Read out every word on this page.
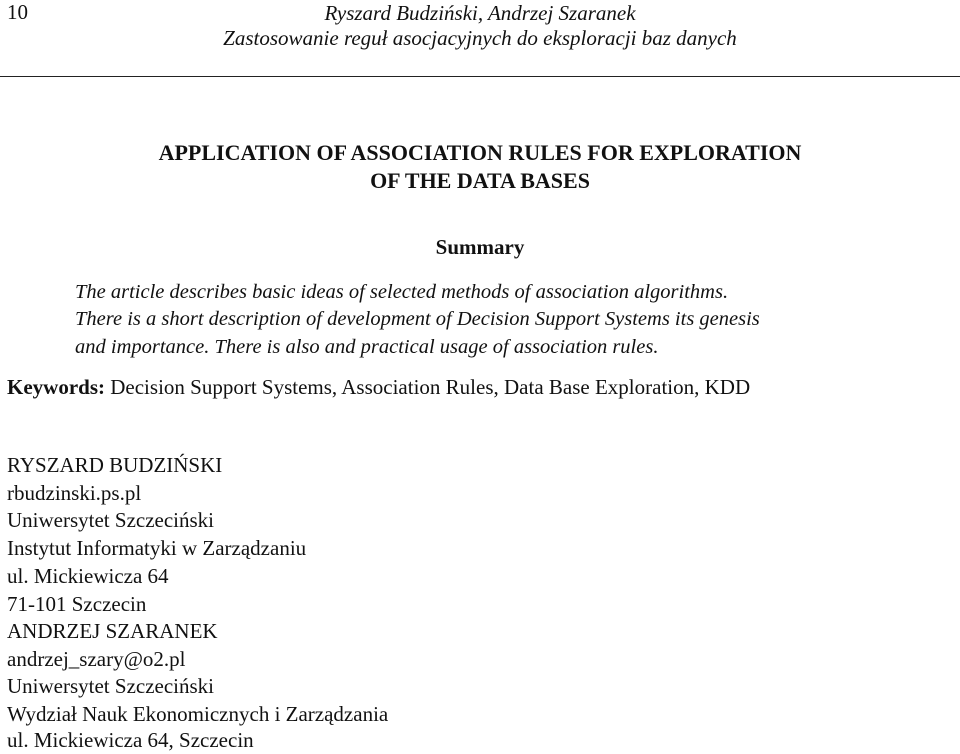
10	Ryszard Budziński, Andrzej Szaranek
Zastosowanie reguł asocjacyjnych do eksploracji baz danych
APPLICATION OF ASSOCIATION RULES FOR EXPLORATION
OF THE DATA BASES
Summary
The article describes basic ideas of selected methods of association algorithms.
There is a short description of development of Decision Support Systems its genesis
and importance. There is also and practical usage of association rules.
Keywords: Decision Support Systems, Association Rules, Data Base Exploration, KDD
RYSZARD BUDZIŃSKI
rbudzinski.ps.pl
Uniwersytet Szczeciński
Instytut Informatyki w Zarządzaniu
ul. Mickiewicza 64
71-101 Szczecin
ANDRZEJ SZARANEK
andrzej_szary@o2.pl
Uniwersytet Szczeciński
Wydział Nauk Ekonomicznych i Zarządzania
ul. Mickiewicza 64, Szczecin
